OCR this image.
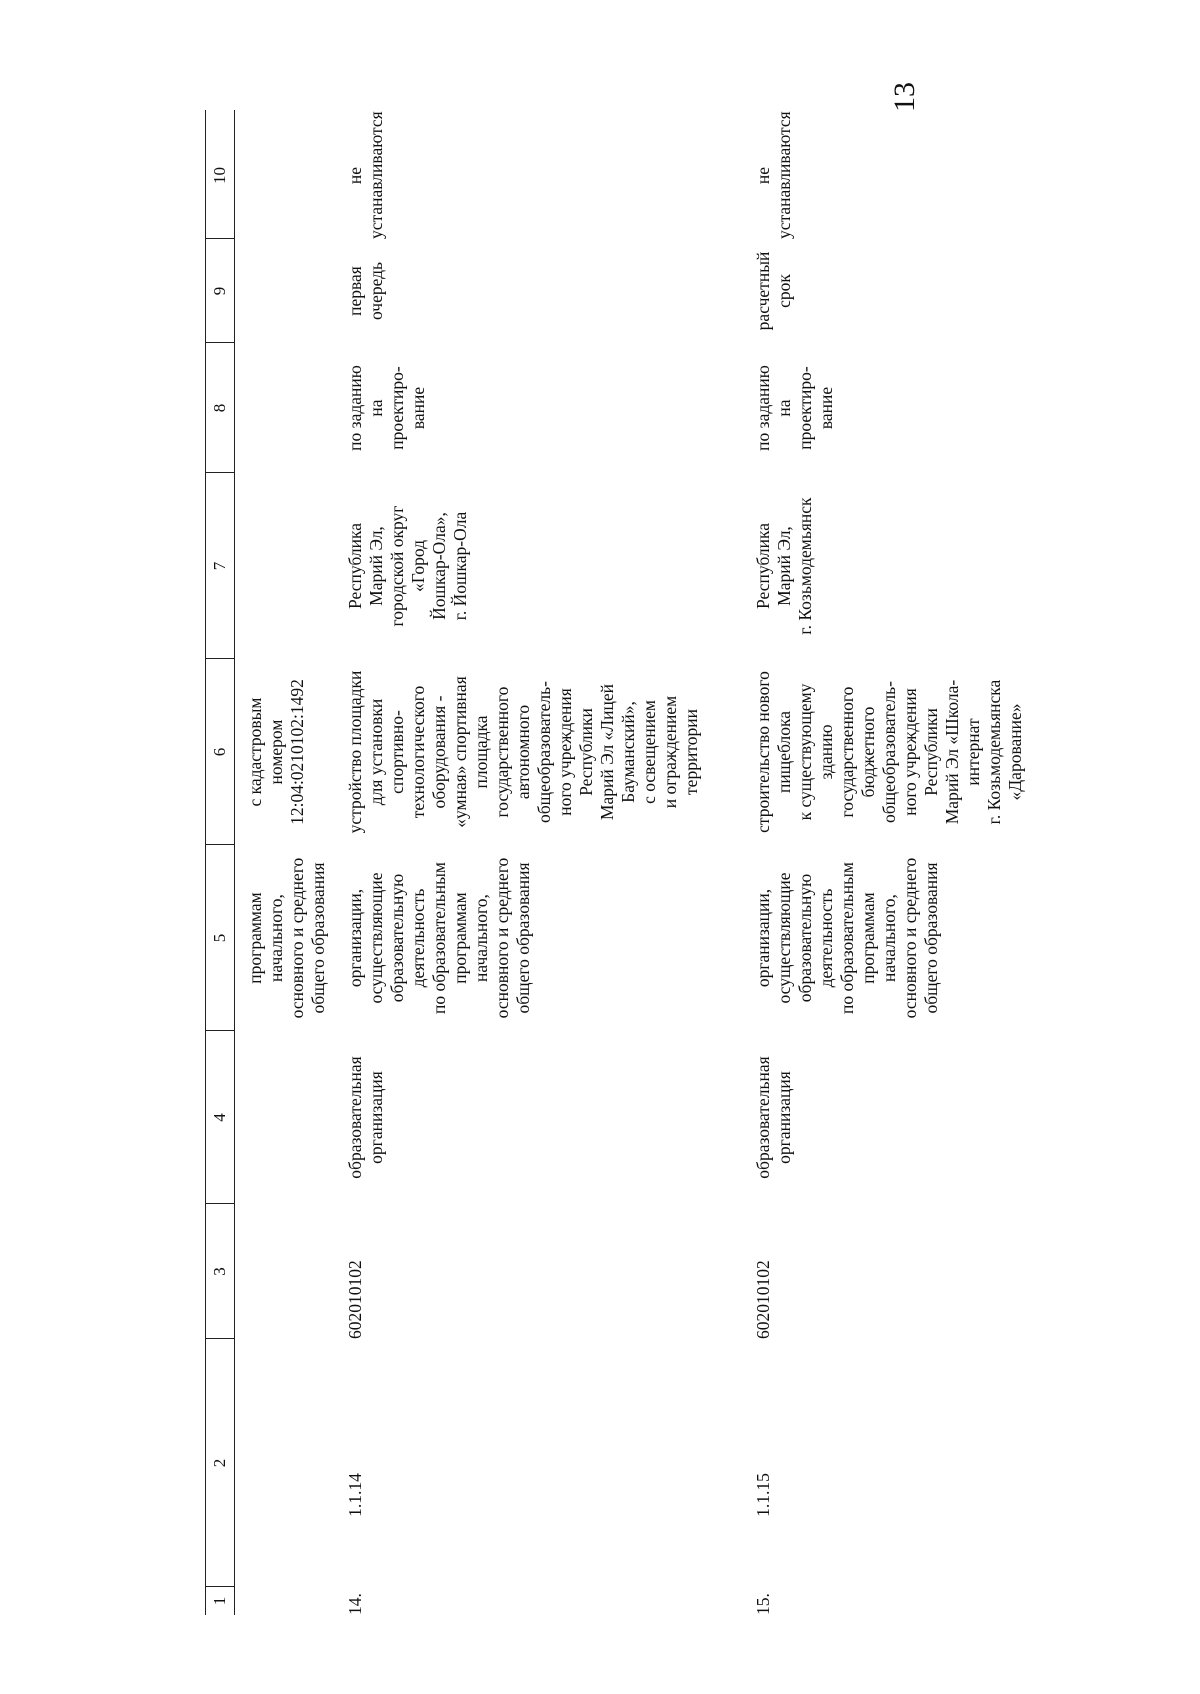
13
1
2
3
4
5
6
7
8
9
10
программам
начального,
основного и среднего
общего образования
с кадастровым
номером
12:04:0210102:1492
14.
1.1.14
602010102
образовательная
организация
организации,
осуществляющие
образовательную
деятельность
по образовательным
программам
начального,
основного и среднего
общего образования
устройство площадки
для установки
спортивно-
технологического
оборудования -
«умная» спортивная
площадка
государственного
автономного
общеобразователь-
ного учреждения
Республики
Марий Эл «Лицей
Бауманский»,
с освещением
и ограждением
территории
Республика
Марий Эл,
городской округ
«Город
Йошкар-Ола»,
г. Йошкар-Ола
по заданию
на
проектиро-
вание
первая
очередь
не
устанавливаются
15.
1.1.15
602010102
образовательная
организация
организации,
осуществляющие
образовательную
деятельность
по образовательным
программам
начального,
основного и среднего
общего образования
строительство нового
пищеблока
к существующему
зданию
государственного
бюджетного
общеобразователь-
ного учреждения
Республики
Марий Эл «Школа-
интернат
г. Козьмодемьянска
«Дарование»
Республика
Марий Эл,
г. Козьмодемьянск
по заданию
на
проектиро-
вание
расчетный
срок
не
устанавливаются
